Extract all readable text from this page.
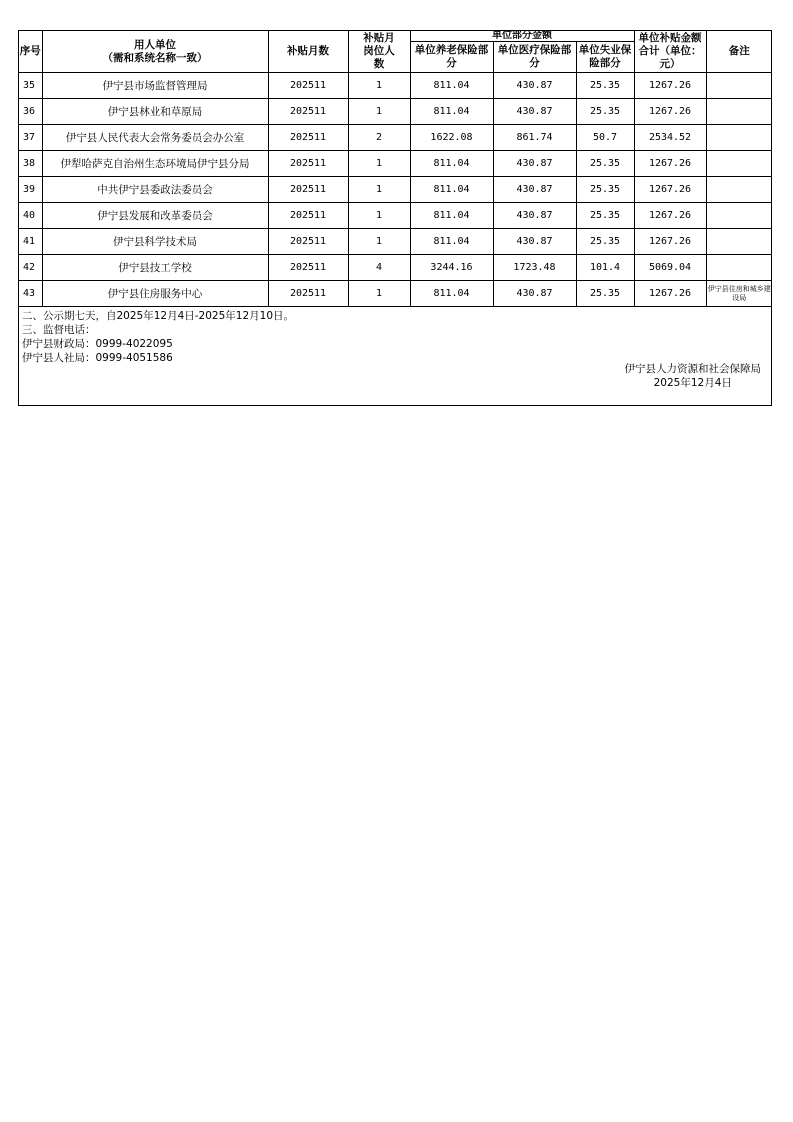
序号	用人单位
（需和系统名称一致）	补贴月数	补贴月岗位人数	单位部分金额			单位补贴金额合计（单位：元）	备注
				单位养老保险部分	单位医疗保险部分	单位失业保险部分		
35	伊宁县市场监督管理局	202511	1	811.04	430.87	25.35	1267.26	
36	伊宁县林业和草原局	202511	1	811.04	430.87	25.35	1267.26	
37	伊宁县人民代表大会常务委员会办公室	202511	2	1622.08	861.74	50.7	2534.52	
38	伊犁哈萨克自治州生态环境局伊宁县分局	202511	1	811.04	430.87	25.35	1267.26	
39	中共伊宁县委政法委员会	202511	1	811.04	430.87	25.35	1267.26	
40	伊宁县发展和改革委员会	202511	1	811.04	430.87	25.35	1267.26	
41	伊宁县科学技术局	202511	1	811.04	430.87	25.35	1267.26	
42	伊宁县技工学校	202511	4	3244.16	1723.48	101.4	5069.04	
43	伊宁县住房服务中心	202511	1	811.04	430.87	25.35	1267.26	伊宁县住房和城乡建设局
二、公示期七天，自2025年12月4日-2025年12月10日。
三、监督电话：
伊宁县财政局：0999-4022095
伊宁县人社局：0999-4051586
伊宁县人力资源和社会保障局
2025年12月4日
